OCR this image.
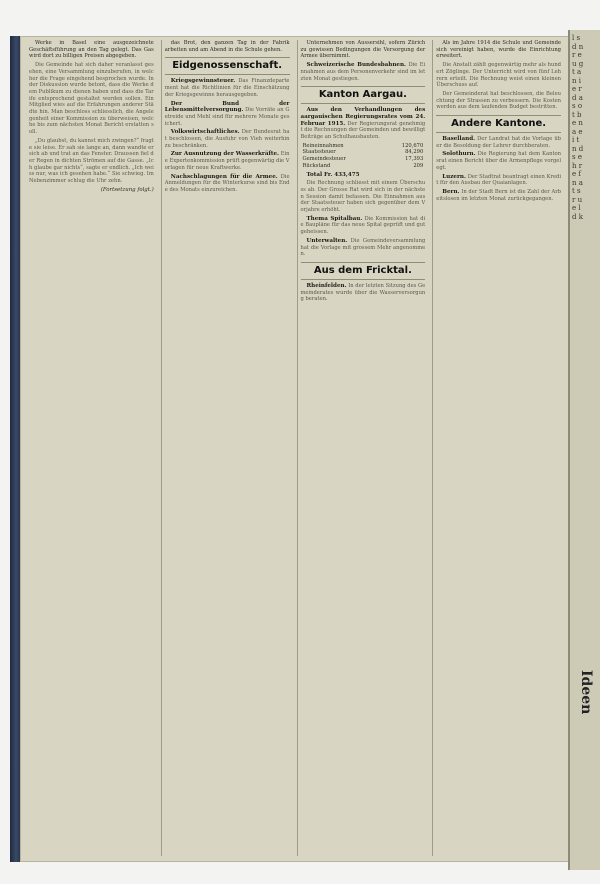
Werke in Basel eine ausgezeichnete Geschäftsführung an den Tag gelegt. Das Gas wird dort zu billigen Preisen abgegeben.

Die Gemeinde hat sich daher veranlasst gesehen, eine Versammlung einzuberufen, in welcher die Frage eingehend besprochen wurde. In der Diskussion wurde betont, dass die Werke dem Publikum zu dienen haben und dass die Tarife entsprechend gestaltet werden sollen. Ein Mitglied wies auf die Erfahrungen anderer Städte hin. Man beschloss schliesslich, die Angelegenheit einer Kommission zu überweisen, welche bis zum nächsten Monat Bericht erstatten soll.

„Du glaubst, du kannst mich zwingen?“ fragte sie leise. Er sah sie lange an, dann wandte er sich ab und trat an das Fenster. Draussen fiel der Regen in dichten Strömen auf die Gasse. „Ich glaube gar nichts“, sagte er endlich. „Ich weiss nur, was ich gesehen habe.“ Sie schwieg. Im Nebenzimmer schlug die Uhr zehn.

(Fortsetzung folgt.)

das Brot, den ganzen Tag in der Fabrik arbeiten und am Abend in die Schule gehen.

Eidgenossenschaft.

Kriegsgewinnsteuer. Das Finanzdepartement hat die Richtlinien für die Einschätzung der Kriegsgewinne herausgegeben.

Der Bund der Lebensmittelversorgung. Die Vorräte an Getreide und Mehl sind für mehrere Monate gesichert.

Volkswirtschaftliches. Der Bundesrat hat beschlossen, die Ausfuhr von Vieh weiterhin zu beschränken.

Zur Ausnutzung der Wasserkräfte. Eine Expertenkommission prüft gegenwärtig die Vorlagen für neue Kraftwerke.

Nachschlagungen für die Armee. Die Anmeldungen für die Winterkurse sind bis Ende des Monats einzureichen.

Unternehmen von Aussersihl, sofern Zürich zu gewissen Bedingungen die Versorgung der Armee übernimmt.

Schweizerische Bundesbahnen. Die Einnahmen aus dem Personenverkehr sind im letzten Monat gestiegen.

Kanton Aargau.

Aus den Verhandlungen des aargauischen Regierungsrates vom 24. Februar 1915. Der Regierungsrat genehmigt die Rechnungen der Gemeinden und bewilligt Beiträge an Schulhausbauten.

Reineinnahmen	120,670
Staatssteuer	84,290
Gemeindesteuer	17,393
Rückstand	209

Total Fr. 433,475

Die Rechnung schliesst mit einem Überschuss ab. Der Grosse Rat wird sich in der nächsten Session damit befassen. Die Einnahmen aus der Staatssteuer haben sich gegenüber dem Vorjahre erhöht.

Thema Spitalbau. Die Kommission hat die Baupläne für das neue Spital geprüft und gutgeheissen.

Unterwalten. Die Gemeindeversammlung hat die Vorlage mit grossem Mehr angenommen.

Aus dem Fricktal.

Rheinfelden. In der letzten Sitzung des Gemeinderates wurde über die Wasserversorgung beraten.

Als im Jahre 1914 die Schule und Gemeinde sich vereinigt haben, wurde die Einrichtung erweitert.

Die Anstalt zählt gegenwärtig mehr als hundert Zöglinge. Der Unterricht wird von fünf Lehrern erteilt. Die Rechnung weist einen kleinen Überschuss auf.

Der Gemeinderat hat beschlossen, die Beleuchtung der Strassen zu verbessern. Die Kosten werden aus dem laufenden Budget bestritten.

Andere Kantone.

Baselland. Der Landrat hat die Vorlage über die Besoldung der Lehrer durchberaten.

Solothurn. Die Regierung hat dem Kantonsrat einen Bericht über die Armenpflege vorgelegt.

Luzern. Der Stadtrat beantragt einen Kredit für den Ausbau der Quaianlagen.

Bern. In der Stadt Bern ist die Zahl der Arbeitslosen im letzten Monat zurückgegangen.

l s
d n
r e
u g
t a
n i
e r
d a
s o
t b
e n
a e
i t
n d
s e
h r
e f
n a
t s
r u
e l
d k
Ideen
